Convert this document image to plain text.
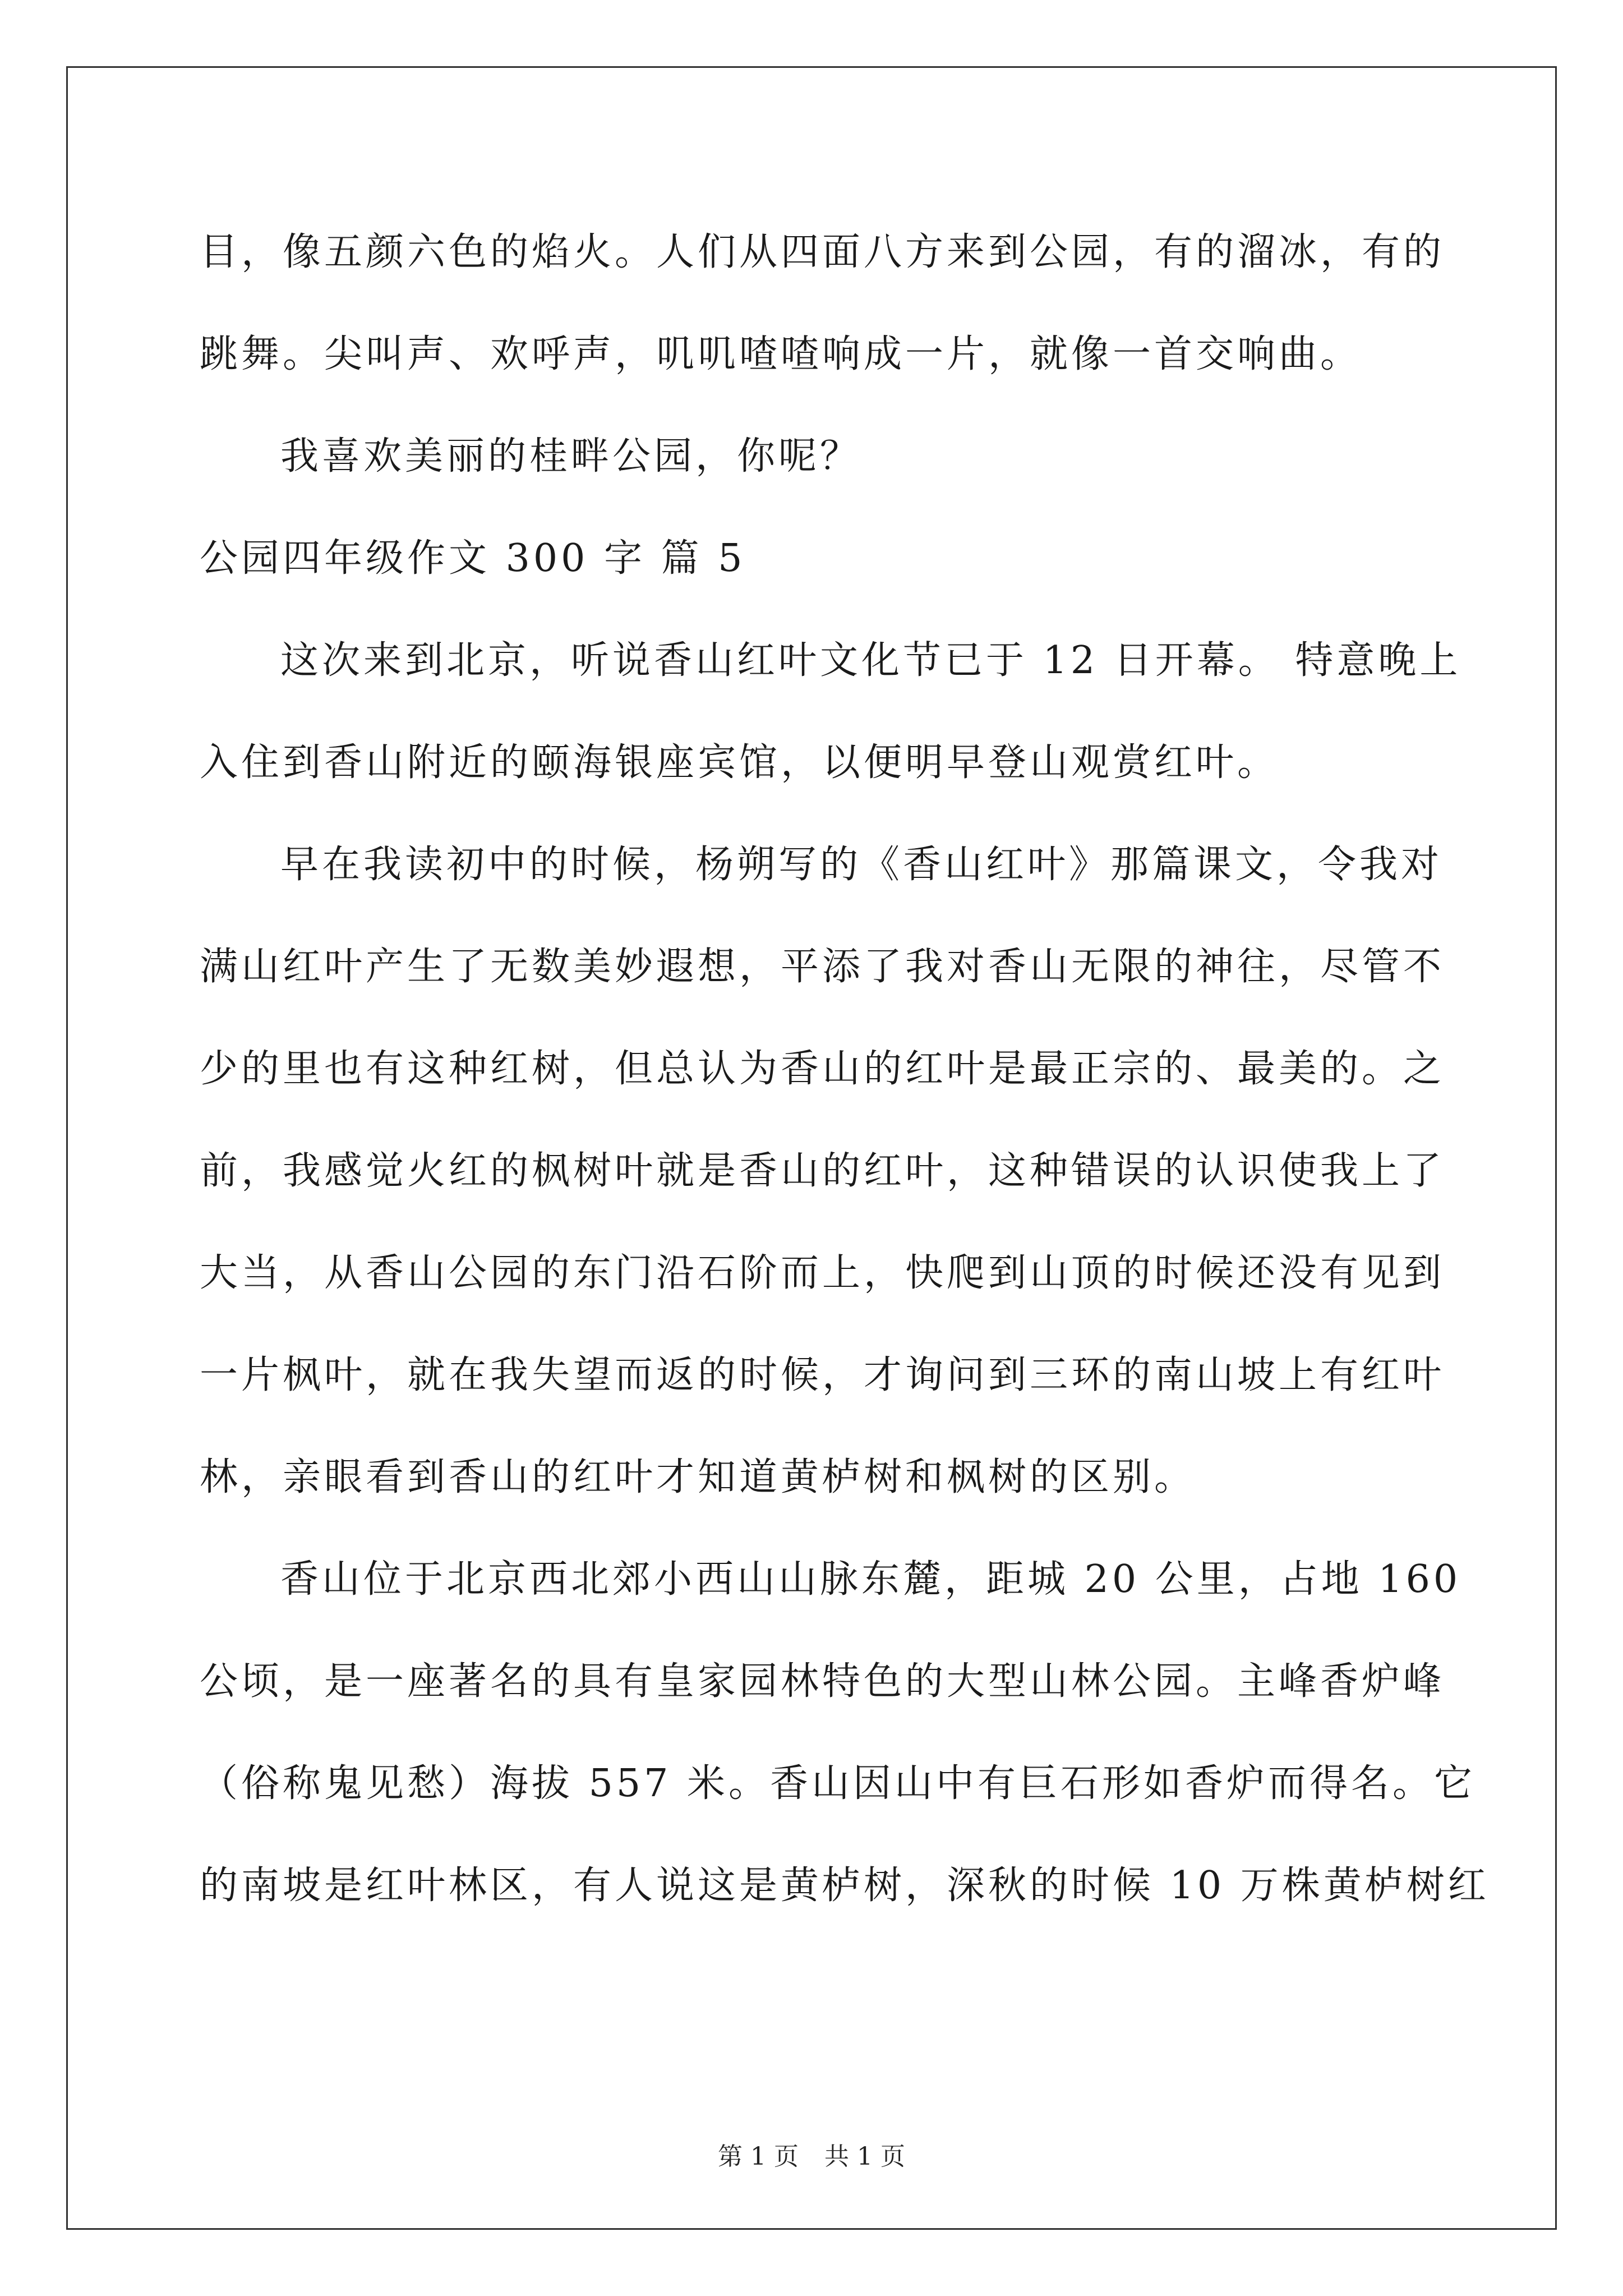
目，像五颜六色的焰火。人们从四面八方来到公园，有的溜冰，有的
跳舞。尖叫声、欢呼声，叽叽喳喳响成一片，就像一首交响曲。
我喜欢美丽的桂畔公园，你呢？
公园四年级作文 300 字 篇 5
这次来到北京，听说香山红叶文化节已于 12 日开幕。 特意晚上
入住到香山附近的颐海银座宾馆，以便明早登山观赏红叶。
早在我读初中的时候，杨朔写的《香山红叶》那篇课文，令我对
满山红叶产生了无数美妙遐想，平添了我对香山无限的神往，尽管不
少的里也有这种红树，但总认为香山的红叶是最正宗的、最美的。之
前，我感觉火红的枫树叶就是香山的红叶，这种错误的认识使我上了
大当，从香山公园的东门沿石阶而上，快爬到山顶的时候还没有见到
一片枫叶，就在我失望而返的时候，才询问到三环的南山坡上有红叶
林，亲眼看到香山的红叶才知道黄栌树和枫树的区别。
香山位于北京西北郊小西山山脉东麓，距城 20 公里，占地 160
公顷，是一座著名的具有皇家园林特色的大型山林公园。主峰香炉峰
（俗称鬼见愁）海拔 557 米。香山因山中有巨石形如香炉而得名。它
的南坡是红叶林区，有人说这是黄栌树，深秋的时候 10 万株黄栌树红
第 1 页 共 1 页
